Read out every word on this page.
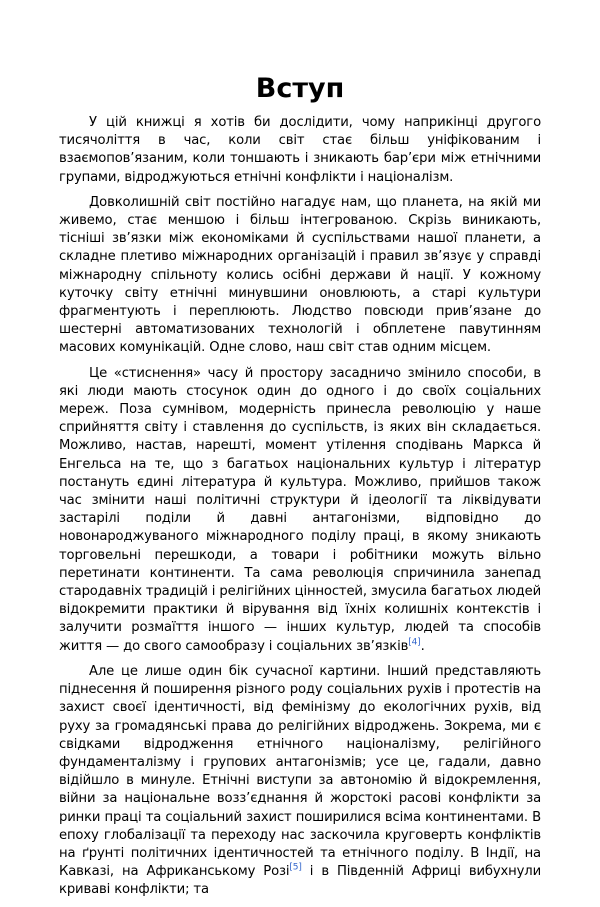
Вступ

У цій книжці я хотів би дослідити, чому наприкінці другого тисячоліття в час, коли світ стає більш уніфікованим і взаємопов’язаним, коли тоншають і зникають бар’єри між етнічними групами, відроджуються етнічні конфлікти і націоналізм.

Довколишній світ постійно нагадує нам, що планета, на якій ми живемо, стає меншою і більш інтегрованою. Скрізь виникають, тісніші зв’язки між економіками й суспільствами нашої планети, а складне плетиво міжнародних організацій і правил зв’язує у справді міжнародну спільноту колись осібні держави й нації. У кожному куточку світу етнічні минувшини оновлюють, а старі культури фрагментують і переплюють. Людство повсюди прив’язане до шестерні автоматизованих технологій і обплетене павутинням масових комунікацій. Одне слово, наш світ став одним місцем.

Це «стиснення» часу й простору засадничо змінило способи, в які люди мають стосунок один до одного і до своїх соціальних мереж. Поза сумнівом, модерність принесла революцію у наше сприйняття світу і ставлення до суспільств, із яких він складається. Можливо, настав, нарешті, момент утілення сподівань Маркса й Енгельса на те, що з багатьох національних культур і літератур постануть єдині література й культура. Можливо, прийшов також час змінити наші політичні структури й ідеології та ліквідувати застарілі поділи й давні антагонізми, відповідно до новонароджуваного міжнародного поділу праці, в якому зникають торговельні перешкоди, а товари і робітники можуть вільно перетинати континенти. Та сама революція спричинила занепад стародавніх традицій і релігійних цінностей, змусила багатьох людей відокремити практики й вірування від їхніх колишніх контекстів і залучити розмаїття іншого — інших культур, людей та способів життя — до свого самообразу і соціальних зв’язків[4].

Але це лише один бік сучасної картини. Інший представляють піднесення й поширення різного роду соціальних рухів і протестів на захист своєї ідентичності, від фемінізму до екологічних рухів, від руху за громадянські права до релігійних відроджень. Зокрема, ми є свідками відродження етнічного націоналізму, релігійного фундаменталізму і групових антагонізмів; усе це, гадали, давно відійшло в минуле. Етнічні виступи за автономію й відокремлення, війни за національне возз’єднання й жорстокі расові конфлікти за ринки праці та соціальний захист поширилися всіма континентами. В епоху глобалізації та переходу нас заскочила круговерть конфліктів на ґрунті політичних ідентичностей та етнічного поділу. В Індії, на Кавказі, на Африканському Розі[5] і в Південній Африці вибухнули криваві конфлікти; та
